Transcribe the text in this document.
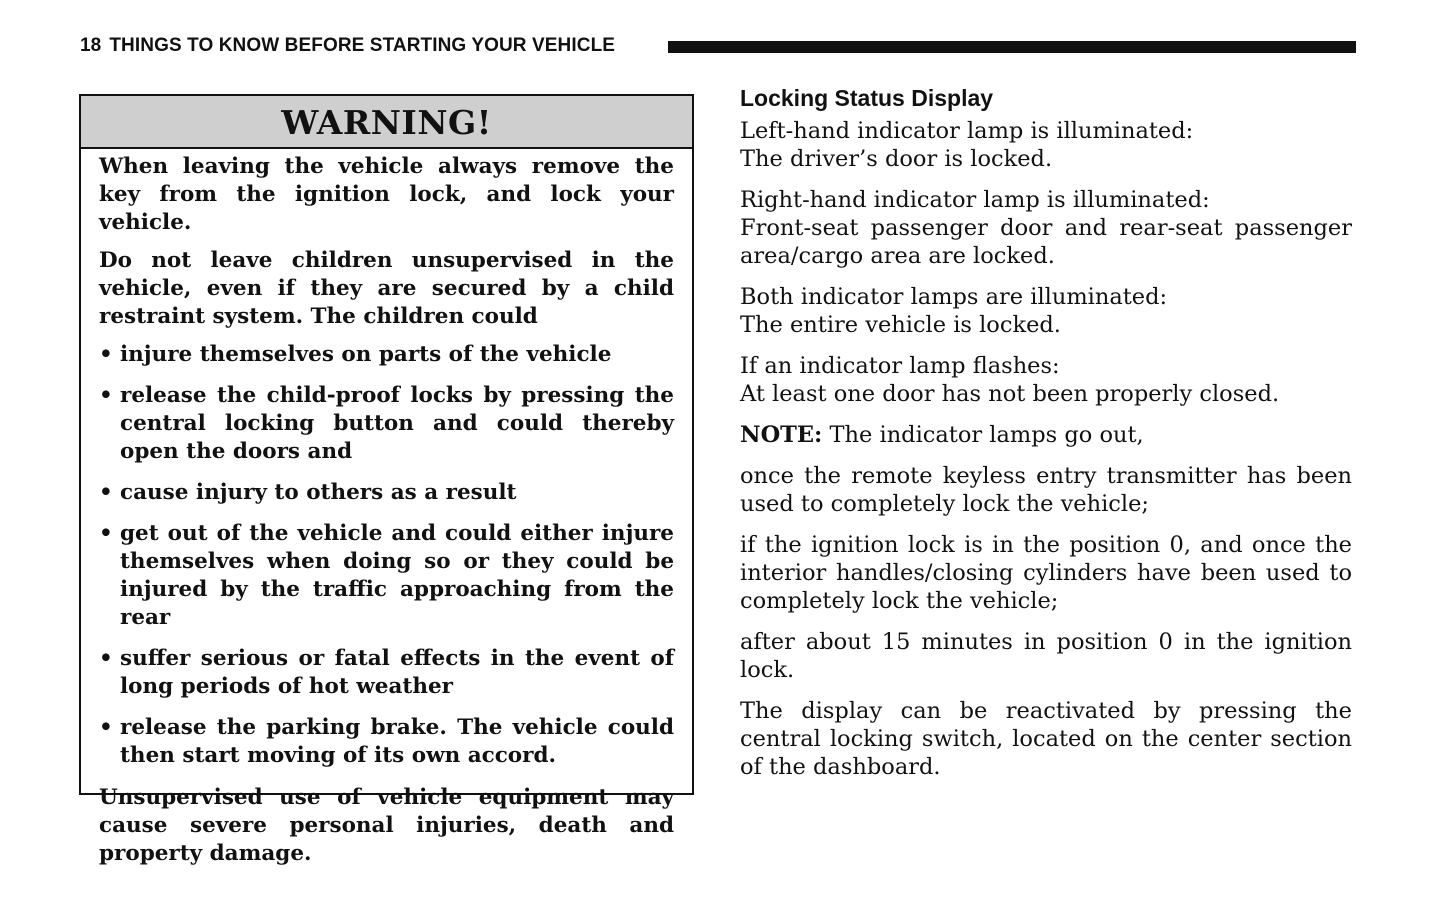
18 THINGS TO KNOW BEFORE STARTING YOUR VEHICLE
WARNING!

When leaving the vehicle always remove the key from the ignition lock, and lock your vehicle.

Do not leave children unsupervised in the vehicle, even if they are secured by a child restraint system. The children could

• injure themselves on parts of the vehicle
• release the child-proof locks by pressing the central locking button and could thereby open the doors and
• cause injury to others as a result
• get out of the vehicle and could either injure themselves when doing so or they could be injured by the traffic approaching from the rear
• suffer serious or fatal effects in the event of long periods of hot weather
• release the parking brake. The vehicle could then start moving of its own accord.

Unsupervised use of vehicle equipment may cause severe personal injuries, death and property damage.

Locking Status Display

Left-hand indicator lamp is illuminated:
The driver’s door is locked.

Right-hand indicator lamp is illuminated:
Front-seat passenger door and rear-seat passenger area/cargo area are locked.

Both indicator lamps are illuminated:
The entire vehicle is locked.

If an indicator lamp flashes:
At least one door has not been properly closed.

NOTE: The indicator lamps go out,

once the remote keyless entry transmitter has been used to completely lock the vehicle;

if the ignition lock is in the position 0, and once the interior handles/closing cylinders have been used to completely lock the vehicle;

after about 15 minutes in position 0 in the ignition lock.

The display can be reactivated by pressing the central locking switch, located on the center section of the dashboard.
